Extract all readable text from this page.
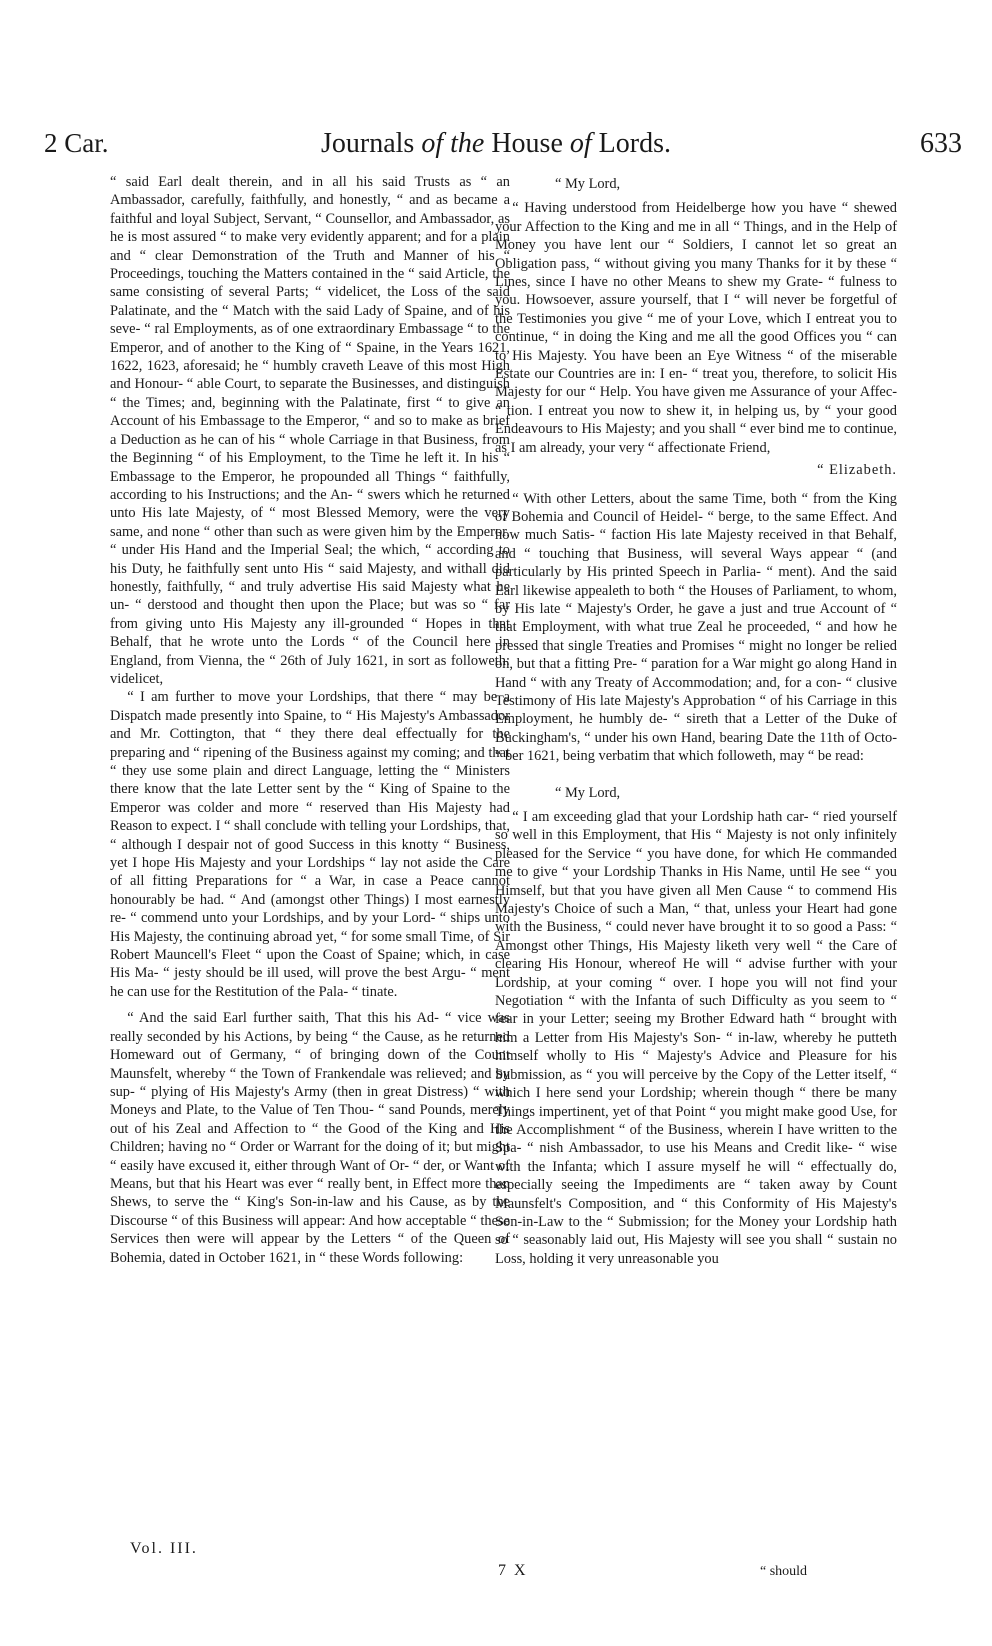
2 Car.	Journals of the House of Lords.	633

“ said Earl dealt therein, and in all his said Trusts as “ an Ambassador, carefully, faithfully, and honestly, “ and as became a faithful and loyal Subject, Servant, “ Counsellor, and Ambassador, as he is most assured “ to make very evidently apparent; and for a plain and “ clear Demonstration of the Truth and Manner of his “ Proceedings, touching the Matters contained in the “ said Article, the same consisting of several Parts; “ videlicet, the Loss of the said Palatinate, and the “ Match with the said Lady of Spaine, and of his seve- “ ral Employments, as of one extraordinary Embassage “ to the Emperor, and of another to the King of “ Spaine, in the Years 1621, 1622, 1623, aforesaid; he “ humbly craveth Leave of this most High and Honour- “ able Court, to separate the Businesses, and distinguish “ the Times; and, beginning with the Palatinate, first “ to give an Account of his Embassage to the Emperor, “ and so to make as brief a Deduction as he can of his “ whole Carriage in that Business, from the Beginning “ of his Employment, to the Time he left it. In his “ Embassage to the Emperor, he propounded all Things “ faithfully, according to his Instructions; and the An- “ swers which he returned unto His late Majesty, of “ most Blessed Memory, were the very same, and none “ other than such as were given him by the Emperor, “ under His Hand and the Imperial Seal; the which, “ according to his Duty, he faithfully sent unto His “ said Majesty, and withall did honestly, faithfully, “ and truly advertise His said Majesty what he un- “ derstood and thought then upon the Place; but was so “ far from giving unto His Majesty any ill-grounded “ Hopes in that Behalf, that he wrote unto the Lords “ of the Council here in England, from Vienna, the “ 26th of July 1621, in sort as followeth: videlicet,

“ I am further to move your Lordships, that there “ may be a Dispatch made presently into Spaine, to “ His Majesty's Ambassador and Mr. Cottington, that “ they there deal effectually for the preparing and “ ripening of the Business against my coming; and that “ they use some plain and direct Language, letting the “ Ministers there know that the late Letter sent by the “ King of Spaine to the Emperor was colder and more “ reserved than His Majesty had Reason to expect. I “ shall conclude with telling your Lordships, that, “ although I despair not of good Success in this knotty “ Business, yet I hope His Majesty and your Lordships “ lay not aside the Care of all fitting Preparations for “ a War, in case a Peace cannot honourably be had. “ And (amongst other Things) I most earnestly re- “ commend unto your Lordships, and by your Lord- “ ships unto His Majesty, the continuing abroad yet, “ for some small Time, of Sir Robert Mauncell's Fleet “ upon the Coast of Spaine; which, in case His Ma- “ jesty should be ill used, will prove the best Argu- “ ment he can use for the Restitution of the Pala- “ tinate.

“ And the said Earl further saith, That this his Ad- “ vice was really seconded by his Actions, by being “ the Cause, as he returned Homeward out of Germany, “ of bringing down of the Count Maunsfelt, whereby “ the Town of Frankendale was relieved; and by sup- “ plying of His Majesty's Army (then in great Distress) “ with Moneys and Plate, to the Value of Ten Thou- “ sand Pounds, merely out of his Zeal and Affection to “ the Good of the King and His Children; having no “ Order or Warrant for the doing of it; but might “ easily have excused it, either through Want of Or- “ der, or Want of Means, but that his Heart was ever “ really bent, in Effect more than Shews, to serve the “ King's Son-in-law and his Cause, as by the Discourse “ of this Business will appear: And how acceptable “ these Services then were will appear by the Letters “ of the Queen of Bohemia, dated in October 1621, in “ these Words following:

“ My Lord,

“ Having understood from Heidelberge how you have “ shewed your Affection to the King and me in all “ Things, and in the Help of Money you have lent our “ Soldiers, I cannot let so great an Obligation pass, “ without giving you many Thanks for it by these “ Lines, since I have no other Means to shew my Grate- “ fulness to you. Howsoever, assure yourself, that I “ will never be forgetful of the Testimonies you give “ me of your Love, which I entreat you to continue, “ in doing the King and me all the good Offices you “ can to His Majesty. You have been an Eye Witness “ of the miserable Estate our Countries are in: I en- “ treat you, therefore, to solicit His Majesty for our “ Help. You have given me Assurance of your Affec- “ tion. I entreat you now to shew it, in helping us, by “ your good Endeavours to His Majesty; and you shall “ ever bind me to continue, as I am already, your very “ affectionate Friend,

“ Elizabeth.

“ With other Letters, about the same Time, both “ from the King of Bohemia and Council of Heidel- “ berge, to the same Effect. And how much Satis- “ faction His late Majesty received in that Behalf, and “ touching that Business, will several Ways appear “ (and particularly by His printed Speech in Parlia- “ ment). And the said Earl likewise appealeth to both “ the Houses of Parliament, to whom, by His late “ Majesty's Order, he gave a just and true Account of “ that Employment, with what true Zeal he proceeded, “ and how he pressed that single Treaties and Promises “ might no longer be relied on, but that a fitting Pre- “ paration for a War might go along Hand in Hand “ with any Treaty of Accommodation; and, for a con- “ clusive Testimony of His late Majesty's Approbation “ of his Carriage in this Employment, he humbly de- “ sireth that a Letter of the Duke of Buckingham's, “ under his own Hand, bearing Date the 11th of Octo- “ ber 1621, being verbatim that which followeth, may “ be read:

“ My Lord,

“ I am exceeding glad that your Lordship hath car- “ ried yourself so well in this Employment, that His “ Majesty is not only infinitely pleased for the Service “ you have done, for which He commanded me to give “ your Lordship Thanks in His Name, until He see “ you Himself, but that you have given all Men Cause “ to commend His Majesty's Choice of such a Man, “ that, unless your Heart had gone with the Business, “ could never have brought it to so good a Pass: “ Amongst other Things, His Majesty liketh very well “ the Care of clearing His Honour, whereof He will “ advise further with your Lordship, at your coming “ over. I hope you will not find your Negotiation “ with the Infanta of such Difficulty as you seem to “ fear in your Letter; seeing my Brother Edward hath “ brought with him a Letter from His Majesty's Son- “ in-law, whereby he putteth himself wholly to His “ Majesty's Advice and Pleasure for his Submission, as “ you will perceive by the Copy of the Letter itself, “ which I here send your Lordship; wherein though “ there be many Things impertinent, yet of that Point “ you might make good Use, for the Accomplishment “ of the Business, wherein I have written to the Spa- “ nish Ambassador, to use his Means and Credit like- “ wise with the Infanta; which I assure myself he will “ effectually do, especially seeing the Impediments are “ taken away by Count Maunsfelt's Composition, and “ this Conformity of His Majesty's Son-in-Law to the “ Submission; for the Money your Lordship hath so “ seasonably laid out, His Majesty will see you shall “ sustain no Loss, holding it very unreasonable you

Vol. III.
7 X	“ should
